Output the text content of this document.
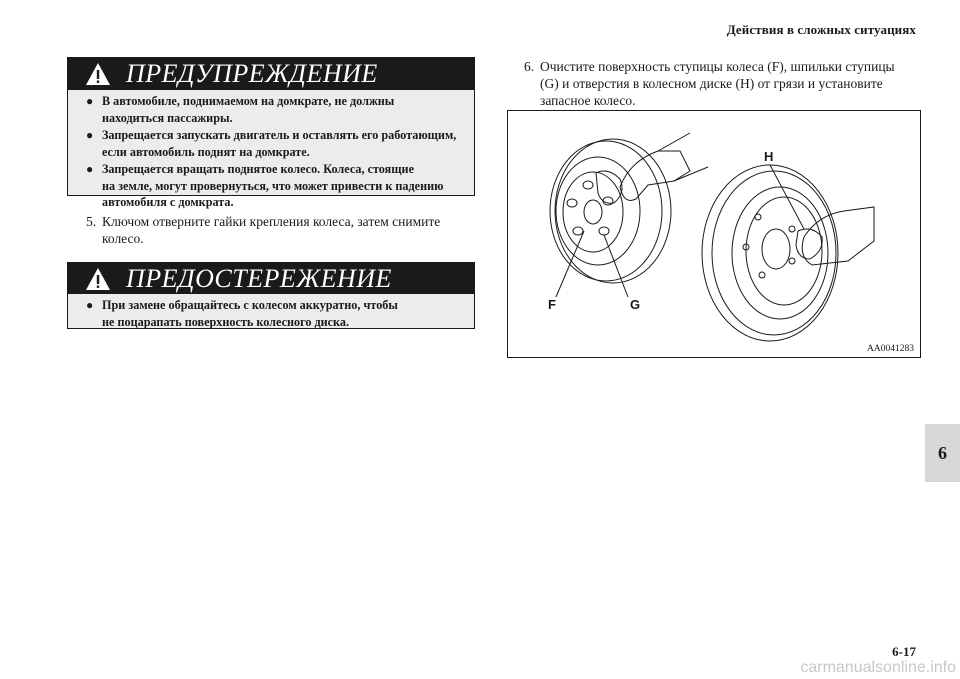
Действия в сложных ситуациях
6
ПРЕДУПРЕЖДЕНИЕ
● В автомобиле, поднимаемом на домкрате, не должны
находиться пассажиры.
● Запрещается запускать двигатель и оставлять его работающим,
если автомобиль поднят на домкрате.
● Запрещается вращать поднятое колесо. Колеса, стоящие
на земле, могут провернуться, что может привести к падению
автомобиля с домкрата.
5. Ключом отверните гайки крепления колеса, затем снимите
колесо.
ПРЕДОСТЕРЕЖЕНИЕ
● При замене обращайтесь с колесом аккуратно, чтобы
не поцарапать поверхность колесного диска.
6. Очистите поверхность ступицы колеса (F), шпильки ступицы
(G) и отверстия в колесном диске (H) от грязи и установите
запасное колесо.
H
F	G
AA0041283
6-17
carmanualsonline.info
